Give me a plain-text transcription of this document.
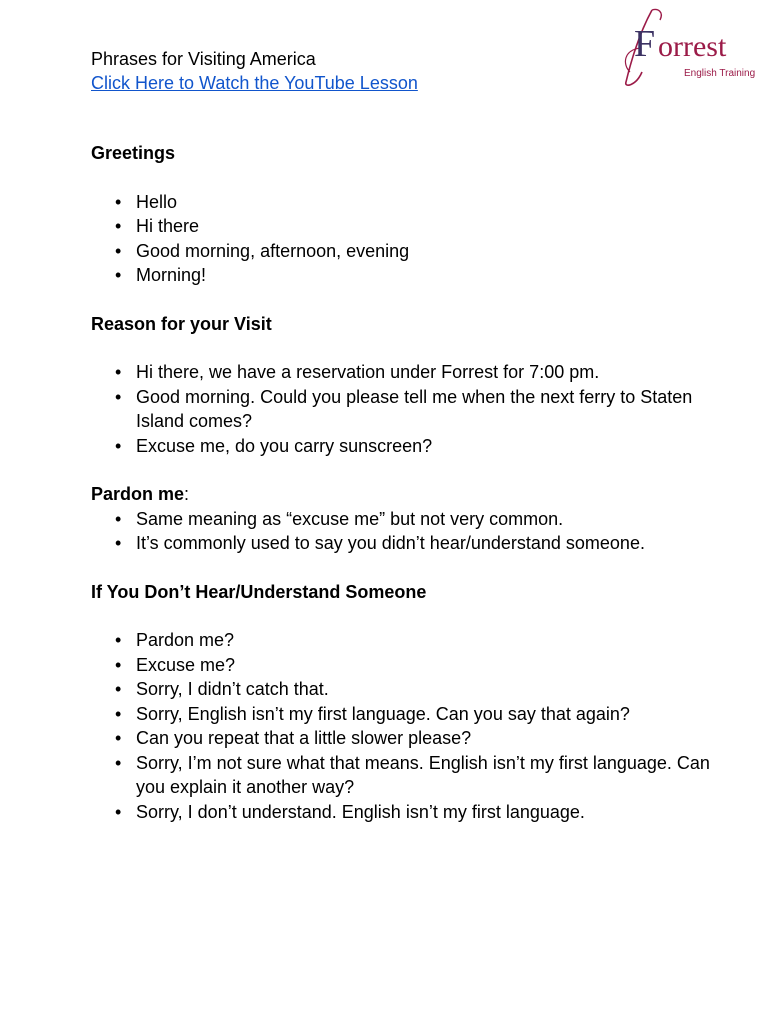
Phrases for Visiting America
Click Here to Watch the YouTube Lesson
F orrest
English Training

Greetings

• Hello
• Hi there
• Good morning, afternoon, evening
• Morning!

Reason for your Visit

• Hi there, we have a reservation under Forrest for 7:00 pm.
• Good morning. Could you please tell me when the next ferry to Staten Island comes?
• Excuse me, do you carry sunscreen?

Pardon me:

• Same meaning as “excuse me” but not very common.
• It’s commonly used to say you didn’t hear/understand someone.

If You Don’t Hear/Understand Someone

• Pardon me?
• Excuse me?
• Sorry, I didn’t catch that.
• Sorry, English isn’t my first language. Can you say that again?
• Can you repeat that a little slower please?
• Sorry, I’m not sure what that means. English isn’t my first language. Can you explain it another way?
• Sorry, I don’t understand. English isn’t my first language.
